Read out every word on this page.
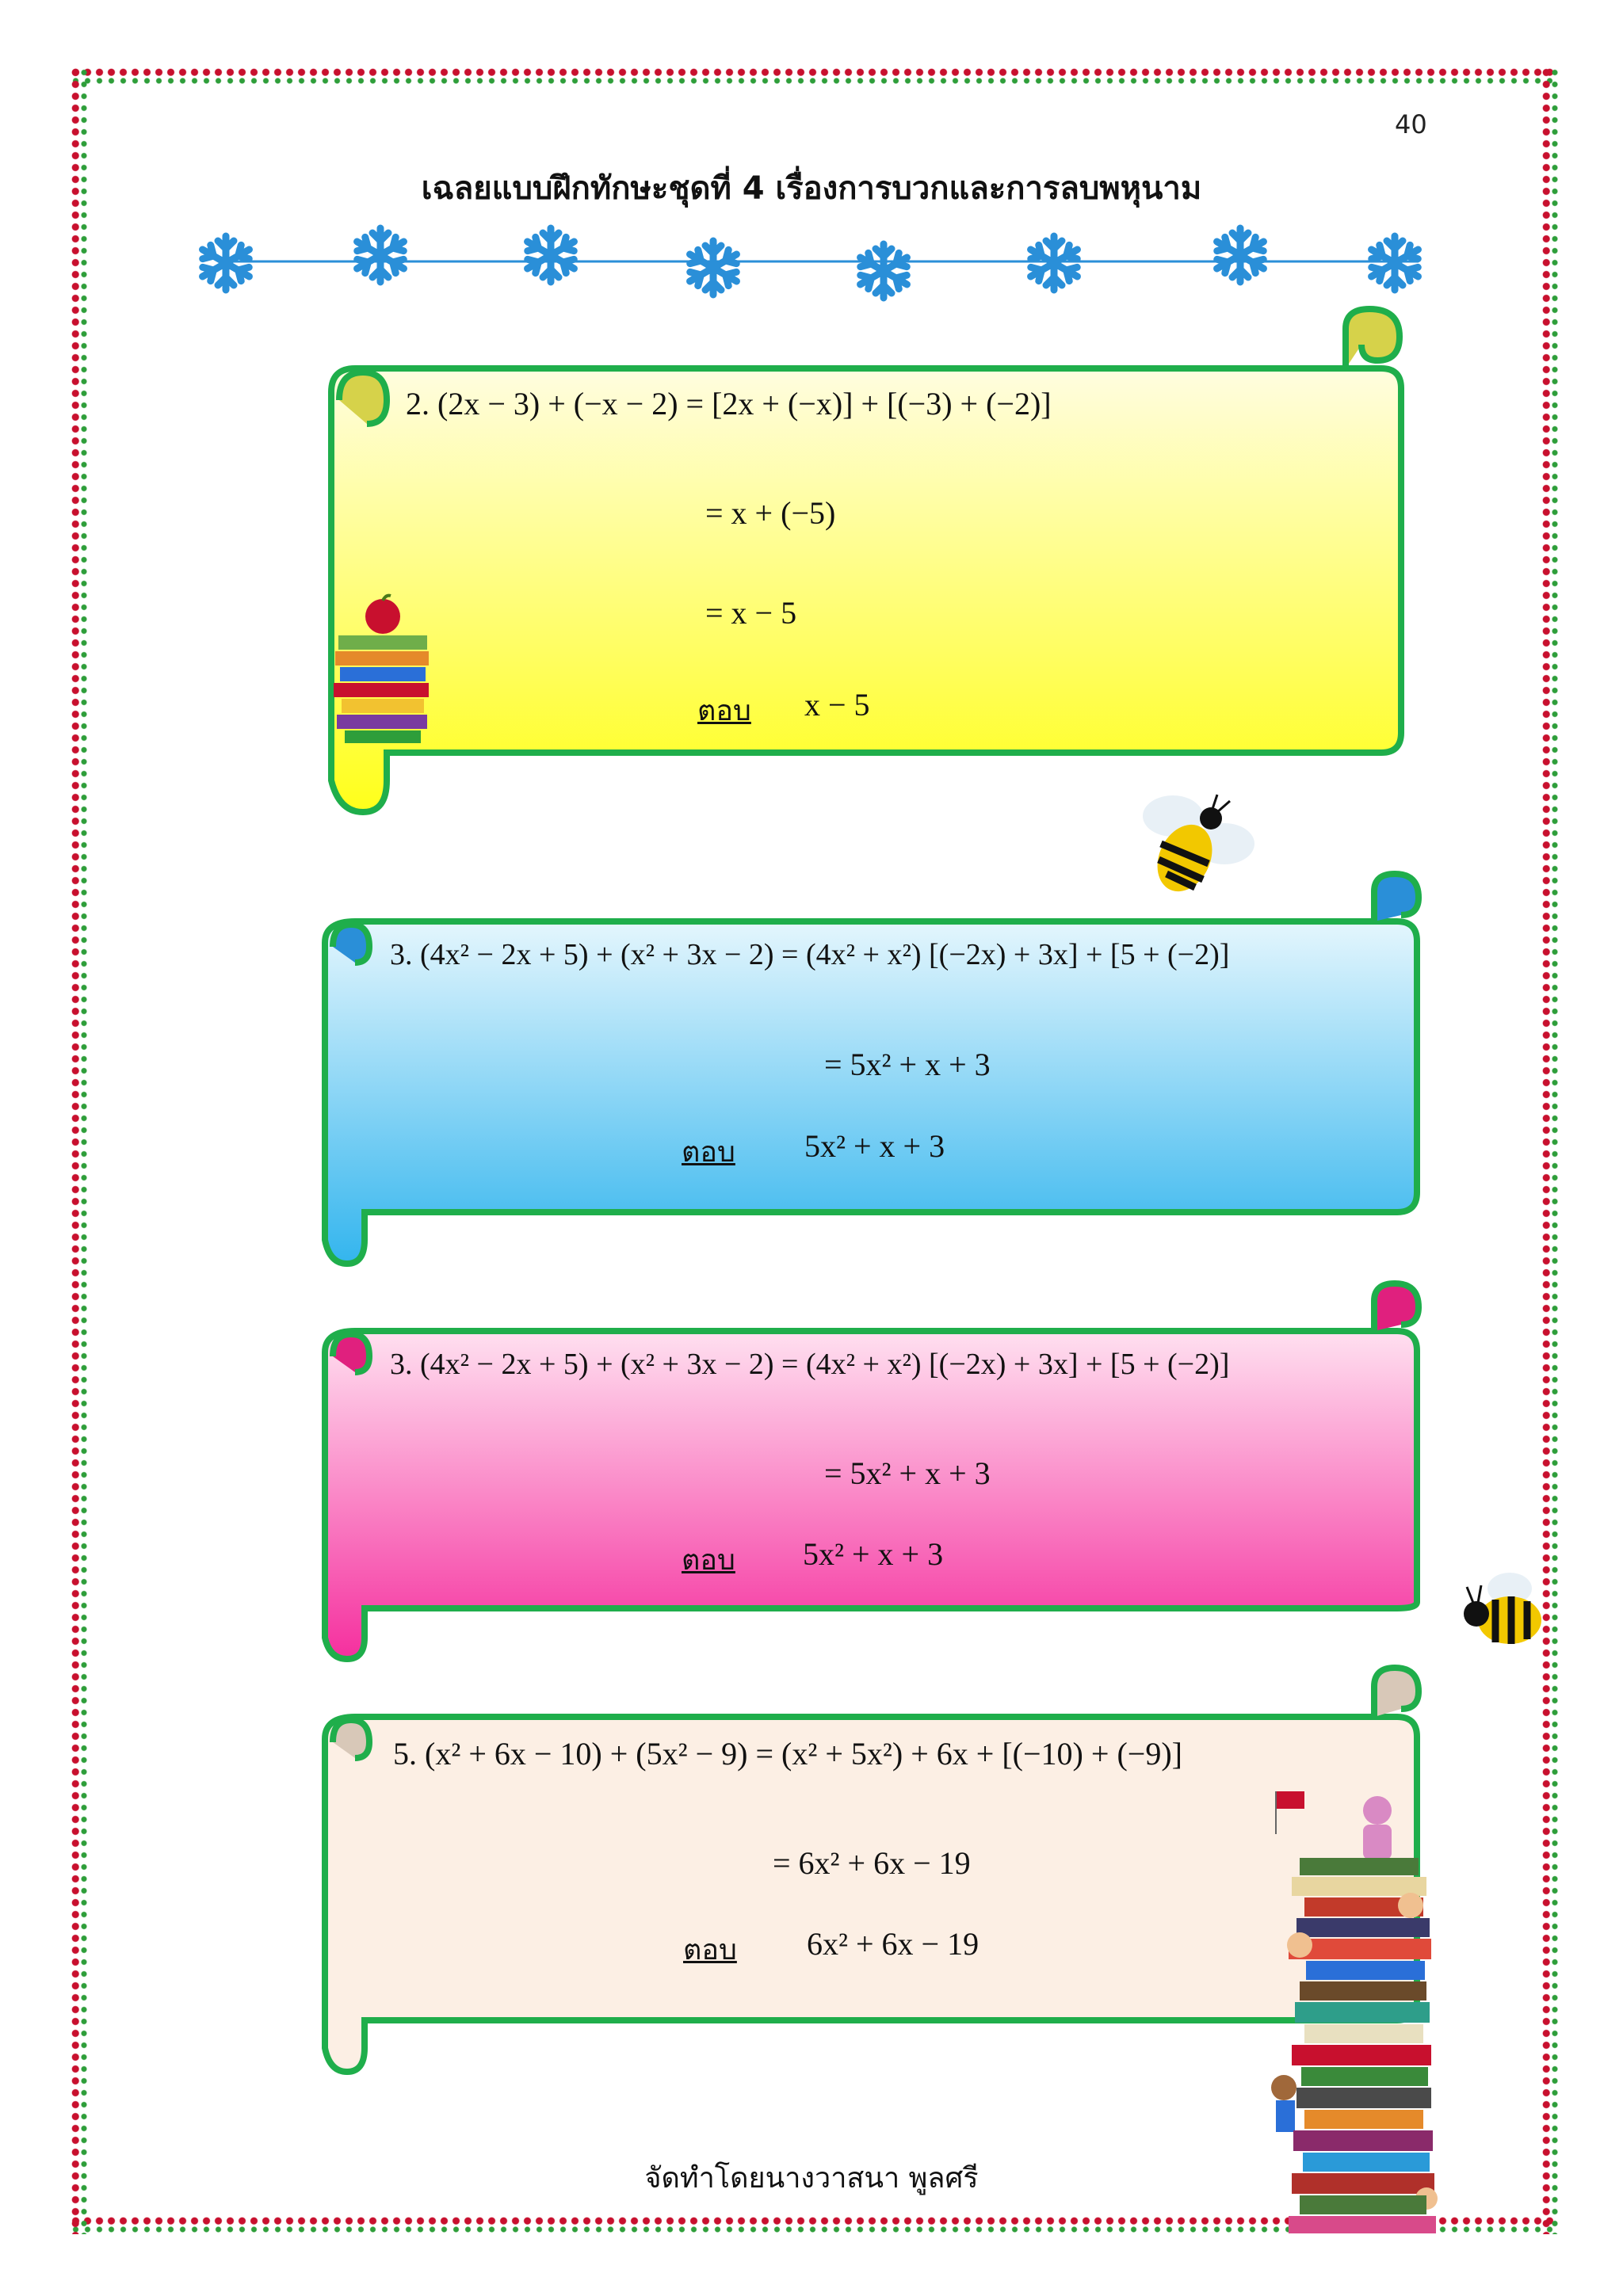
40
เฉลยแบบฝึกทักษะชุดที่ 4 เรื่องการบวกและการลบพหุนาม
2. (2x − 3) + (−x − 2) = [2x + (−x)] + [(−3) + (−2)]
= x + (−5)
= x − 5
ตอบ x − 5
3. (4x² − 2x + 5) + (x² + 3x − 2) = (4x² + x²) [(−2x) + 3x] + [5 + (−2)]
= 5x² + x + 3
ตอบ 5x² + x + 3
3. (4x² − 2x + 5) + (x² + 3x − 2) = (4x² + x²) [(−2x) + 3x] + [5 + (−2)]
= 5x² + x + 3
ตอบ 5x² + x + 3
5. (x² + 6x − 10) + (5x² − 9) = (x² + 5x²) + 6x + [(−10) + (−9)]
= 6x² + 6x − 19
ตอบ 6x² + 6x − 19
จัดทำโดยนางวาสนา พูลศรี
